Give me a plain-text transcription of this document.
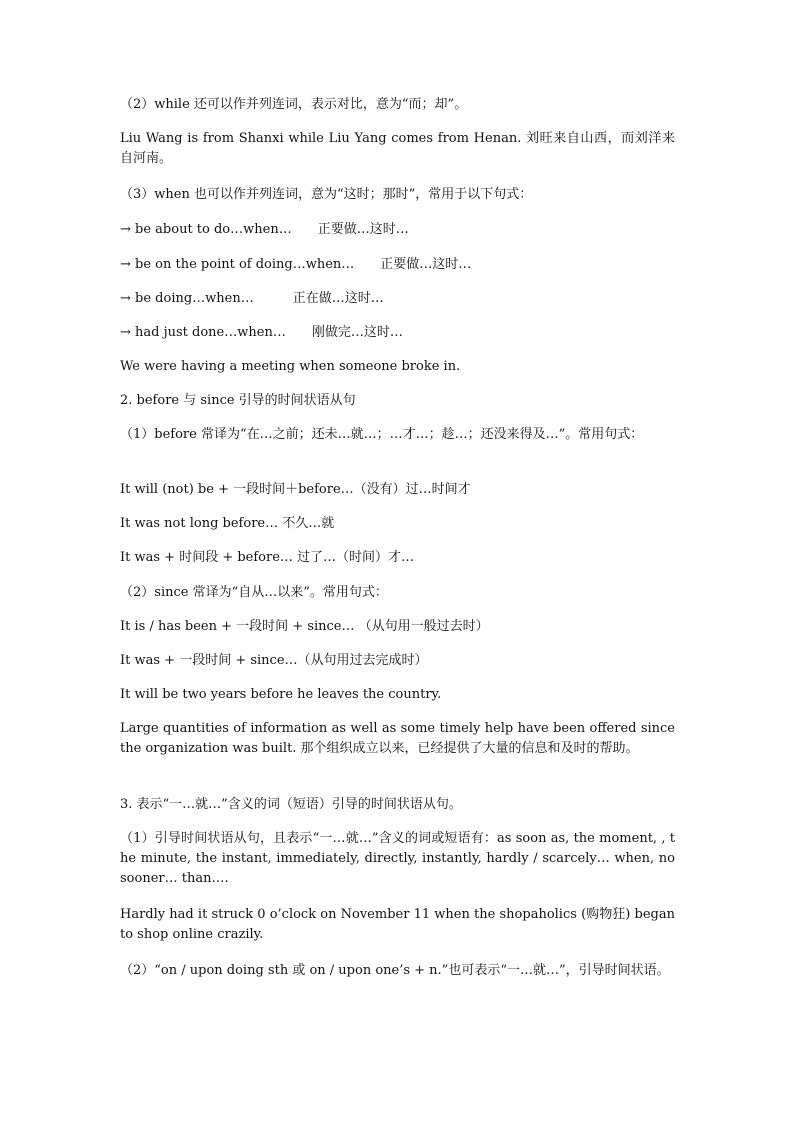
（2）while 还可以作并列连词，表示对比，意为“而；却”。

Liu Wang is from Shanxi while Liu Yang comes from Henan. 刘旺来自山西，而刘洋来自河南。

（3）when 也可以作并列连词，意为“这时；那时”，常用于以下句式：

→ be about to do…when…　　正要做…这时…

→ be on the point of doing…when…　　正要做…这时…

→ be doing…when…　　　正在做…这时…

→ had just done…when…　　刚做完…这时…

We were having a meeting when someone broke in.

2. before 与 since 引导的时间状语从句

（1）before 常译为“在…之前；还未…就…；…才…；趁…；还没来得及…”。常用句式：

It will (not) be + 一段时间＋before…（没有）过…时间才

It was not long before… 不久…就

It was + 时间段 + before… 过了…（时间）才…

（2）since 常译为“自从…以来”。常用句式：

It is / has been + 一段时间 + since… （从句用一般过去时）

It was + 一段时间 + since…（从句用过去完成时）

It will be two years before he leaves the country.

Large quantities of information as well as some timely help have been offered since the organization was built. 那个组织成立以来，已经提供了大量的信息和及时的帮助。

3. 表示“一…就…”含义的词（短语）引导的时间状语从句。

（1）引导时间状语从句，且表示“一…就…”含义的词或短语有：as soon as, the moment, , the minute, the instant, immediately, directly, instantly, hardly / scarcely… when, no sooner… than….

Hardly had it struck 0 o’clock on November 11 when the shopaholics (购物狂) began to shop online crazily.

（2）“on / upon doing sth 或 on / upon one’s + n.”也可表示“一…就…”，引导时间状语。
